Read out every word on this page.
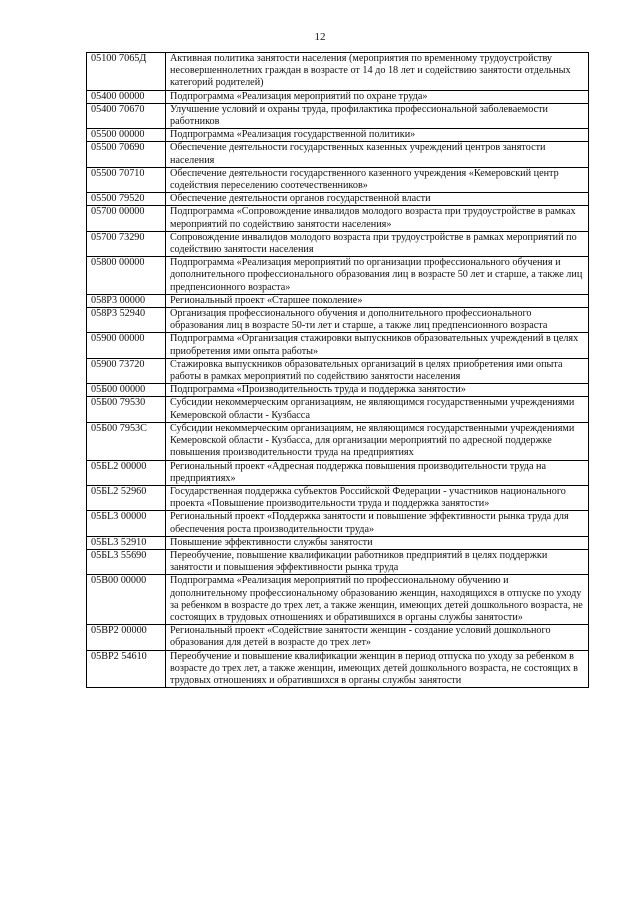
12
05100 7065Д	Активная политика занятости населения (мероприятия по временному трудоустройству несовершеннолетних граждан в возрасте от 14 до 18 лет и содействию занятости отдельных категорий родителей)
05400 00000	Подпрограмма «Реализация мероприятий по охране труда»
05400 70670	Улучшение условий и охраны труда, профилактика профессиональной заболеваемости работников
05500 00000	Подпрограмма «Реализация государственной политики»
05500 70690	Обеспечение деятельности государственных казенных учреждений центров занятости населения
05500 70710	Обеспечение деятельности государственного казенного учреждения «Кемеровский центр содействия переселению соотечественников»
05500 79520	Обеспечение деятельности органов государственной власти
05700 00000	Подпрограмма «Сопровождение инвалидов молодого возраста при трудоустройстве в рамках мероприятий по содействию занятости населения»
05700 73290	Сопровождение инвалидов молодого возраста при трудоустройстве в рамках мероприятий по содействию занятости населения
05800 00000	Подпрограмма «Реализация мероприятий по организации профессионального обучения и дополнительного профессионального образования лиц в возрасте 50 лет и старше, а также лиц предпенсионного возраста»
058Р3 00000	Региональный проект «Старшее поколение»
058Р3 52940	Организация профессионального обучения и дополнительного профессионального образования лиц в возрасте 50-ти лет и старше, а также лиц предпенсионного возраста
05900 00000	Подпрограмма «Организация стажировки выпускников образовательных учреждений в целях приобретения ими опыта работы»
05900 73720	Стажировка выпускников образовательных организаций в целях приобретения ими опыта работы в рамках мероприятий по содействию занятости населения
05Б00 00000	Подпрограмма «Производительность труда и поддержка занятости»
05Б00 79530	Субсидии некоммерческим организациям, не являющимся государственными учреждениями Кемеровской области - Кузбасса
05Б00 7953С	Субсидии некоммерческим организациям, не являющимся государственными учреждениями Кемеровской области - Кузбасса, для организации мероприятий по адресной поддержке повышения производительности труда на предприятиях
05БL2 00000	Региональный проект «Адресная поддержка повышения производительности труда на предприятиях»
05БL2 52960	Государственная поддержка субъектов Российской Федерации - участников национального проекта «Повышение производительности труда и поддержка занятости»
05БL3 00000	Региональный проект «Поддержка занятости и повышение эффективности рынка труда для обеспечения роста производительности труда»
05БL3 52910	Повышение эффективности службы занятости
05БL3 55690	Переобучение, повышение квалификации работников предприятий в целях поддержки занятости и повышения эффективности рынка труда
05В00 00000	Подпрограмма «Реализация мероприятий по профессиональному обучению и дополнительному профессиональному образованию женщин, находящихся в отпуске по уходу за ребенком в возрасте до трех лет, а также женщин, имеющих детей дошкольного возраста, не состоящих в трудовых отношениях и обратившихся в органы службы занятости»
05ВР2 00000	Региональный проект «Содействие занятости женщин - создание условий дошкольного образования для детей в возрасте до трех лет»
05ВР2 54610	Переобучение и повышение квалификации женщин в период отпуска по уходу за ребенком в возрасте до трех лет, а также женщин, имеющих детей дошкольного возраста, не состоящих в трудовых отношениях и обратившихся в органы службы занятости
